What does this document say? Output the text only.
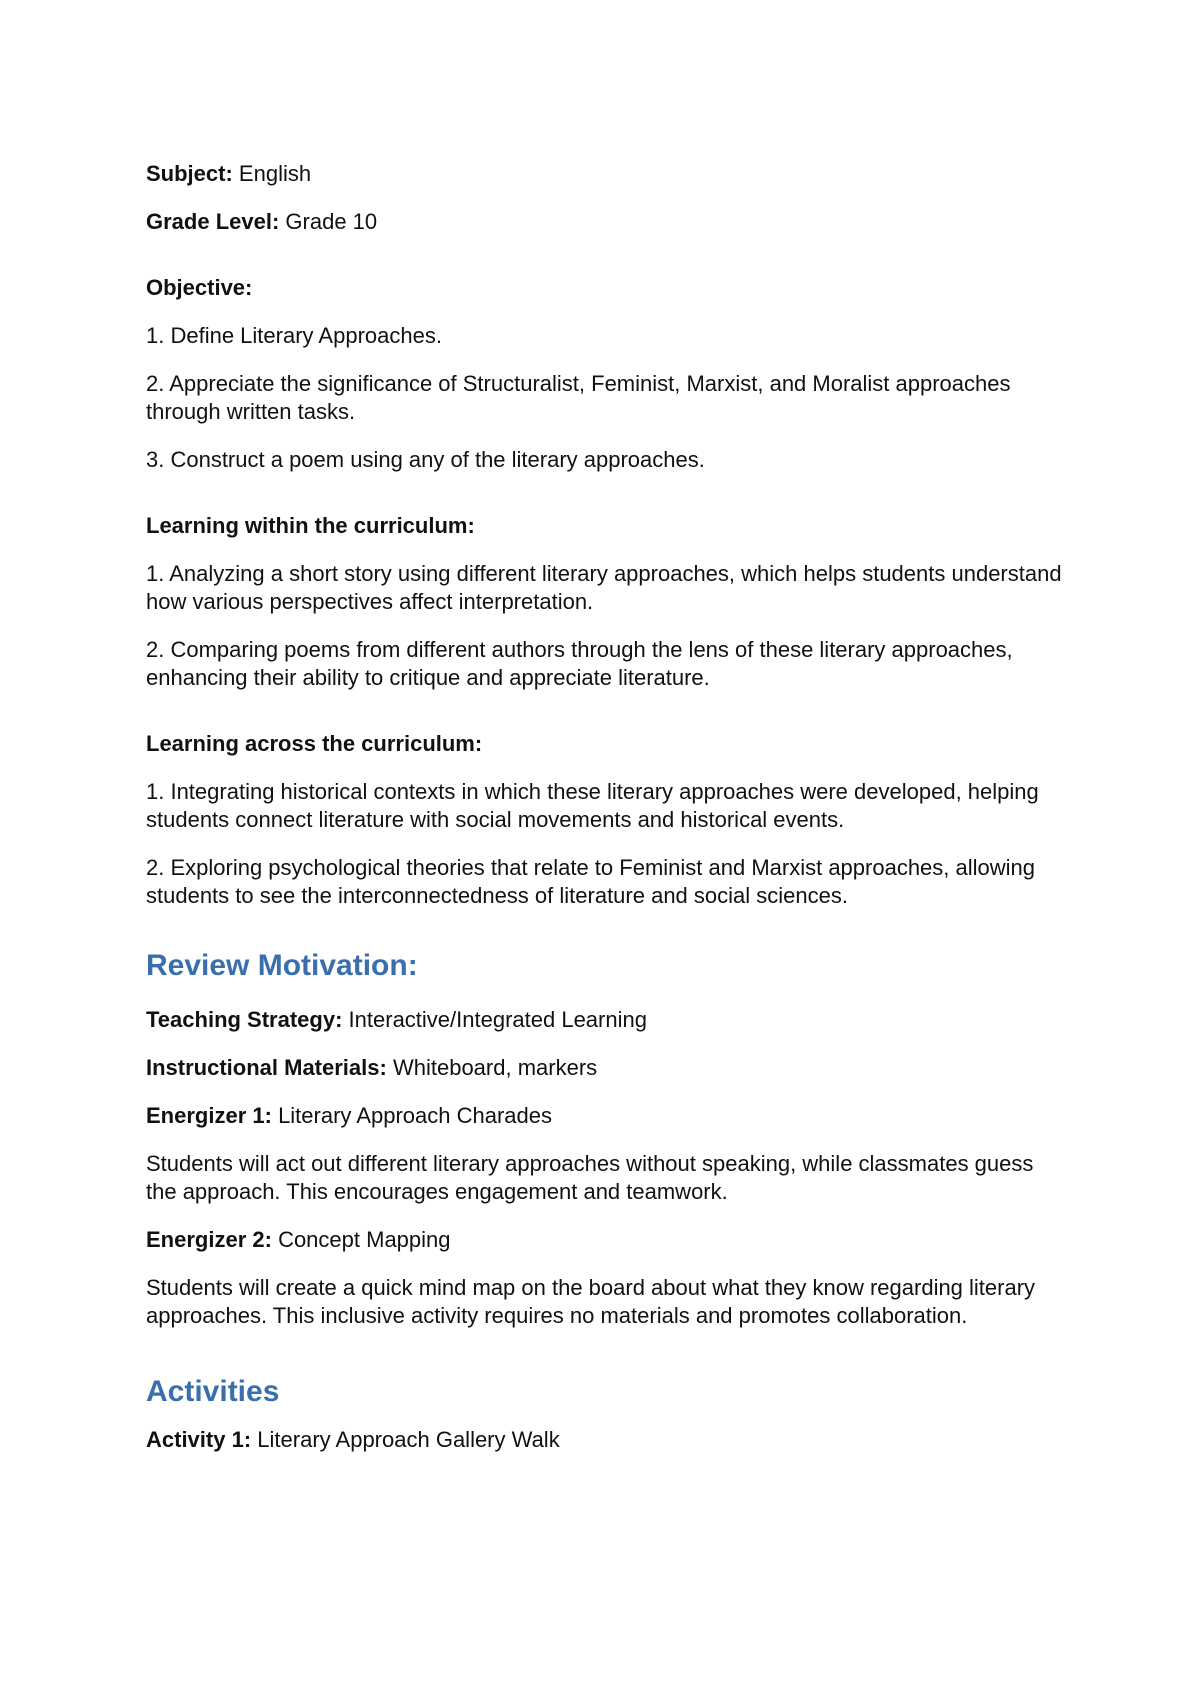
Subject: English

Grade Level: Grade 10

Objective:

1. Define Literary Approaches.

2. Appreciate the significance of Structuralist, Feminist, Marxist, and Moralist approaches through written tasks.

3. Construct a poem using any of the literary approaches.

Learning within the curriculum:

1. Analyzing a short story using different literary approaches, which helps students understand how various perspectives affect interpretation.

2. Comparing poems from different authors through the lens of these literary approaches, enhancing their ability to critique and appreciate literature.

Learning across the curriculum:

1. Integrating historical contexts in which these literary approaches were developed, helping students connect literature with social movements and historical events.

2. Exploring psychological theories that relate to Feminist and Marxist approaches, allowing students to see the interconnectedness of literature and social sciences.

Review Motivation:

Teaching Strategy: Interactive/Integrated Learning

Instructional Materials: Whiteboard, markers

Energizer 1: Literary Approach Charades

Students will act out different literary approaches without speaking, while classmates guess the approach. This encourages engagement and teamwork.

Energizer 2: Concept Mapping

Students will create a quick mind map on the board about what they know regarding literary approaches. This inclusive activity requires no materials and promotes collaboration.

Activities

Activity 1: Literary Approach Gallery Walk
